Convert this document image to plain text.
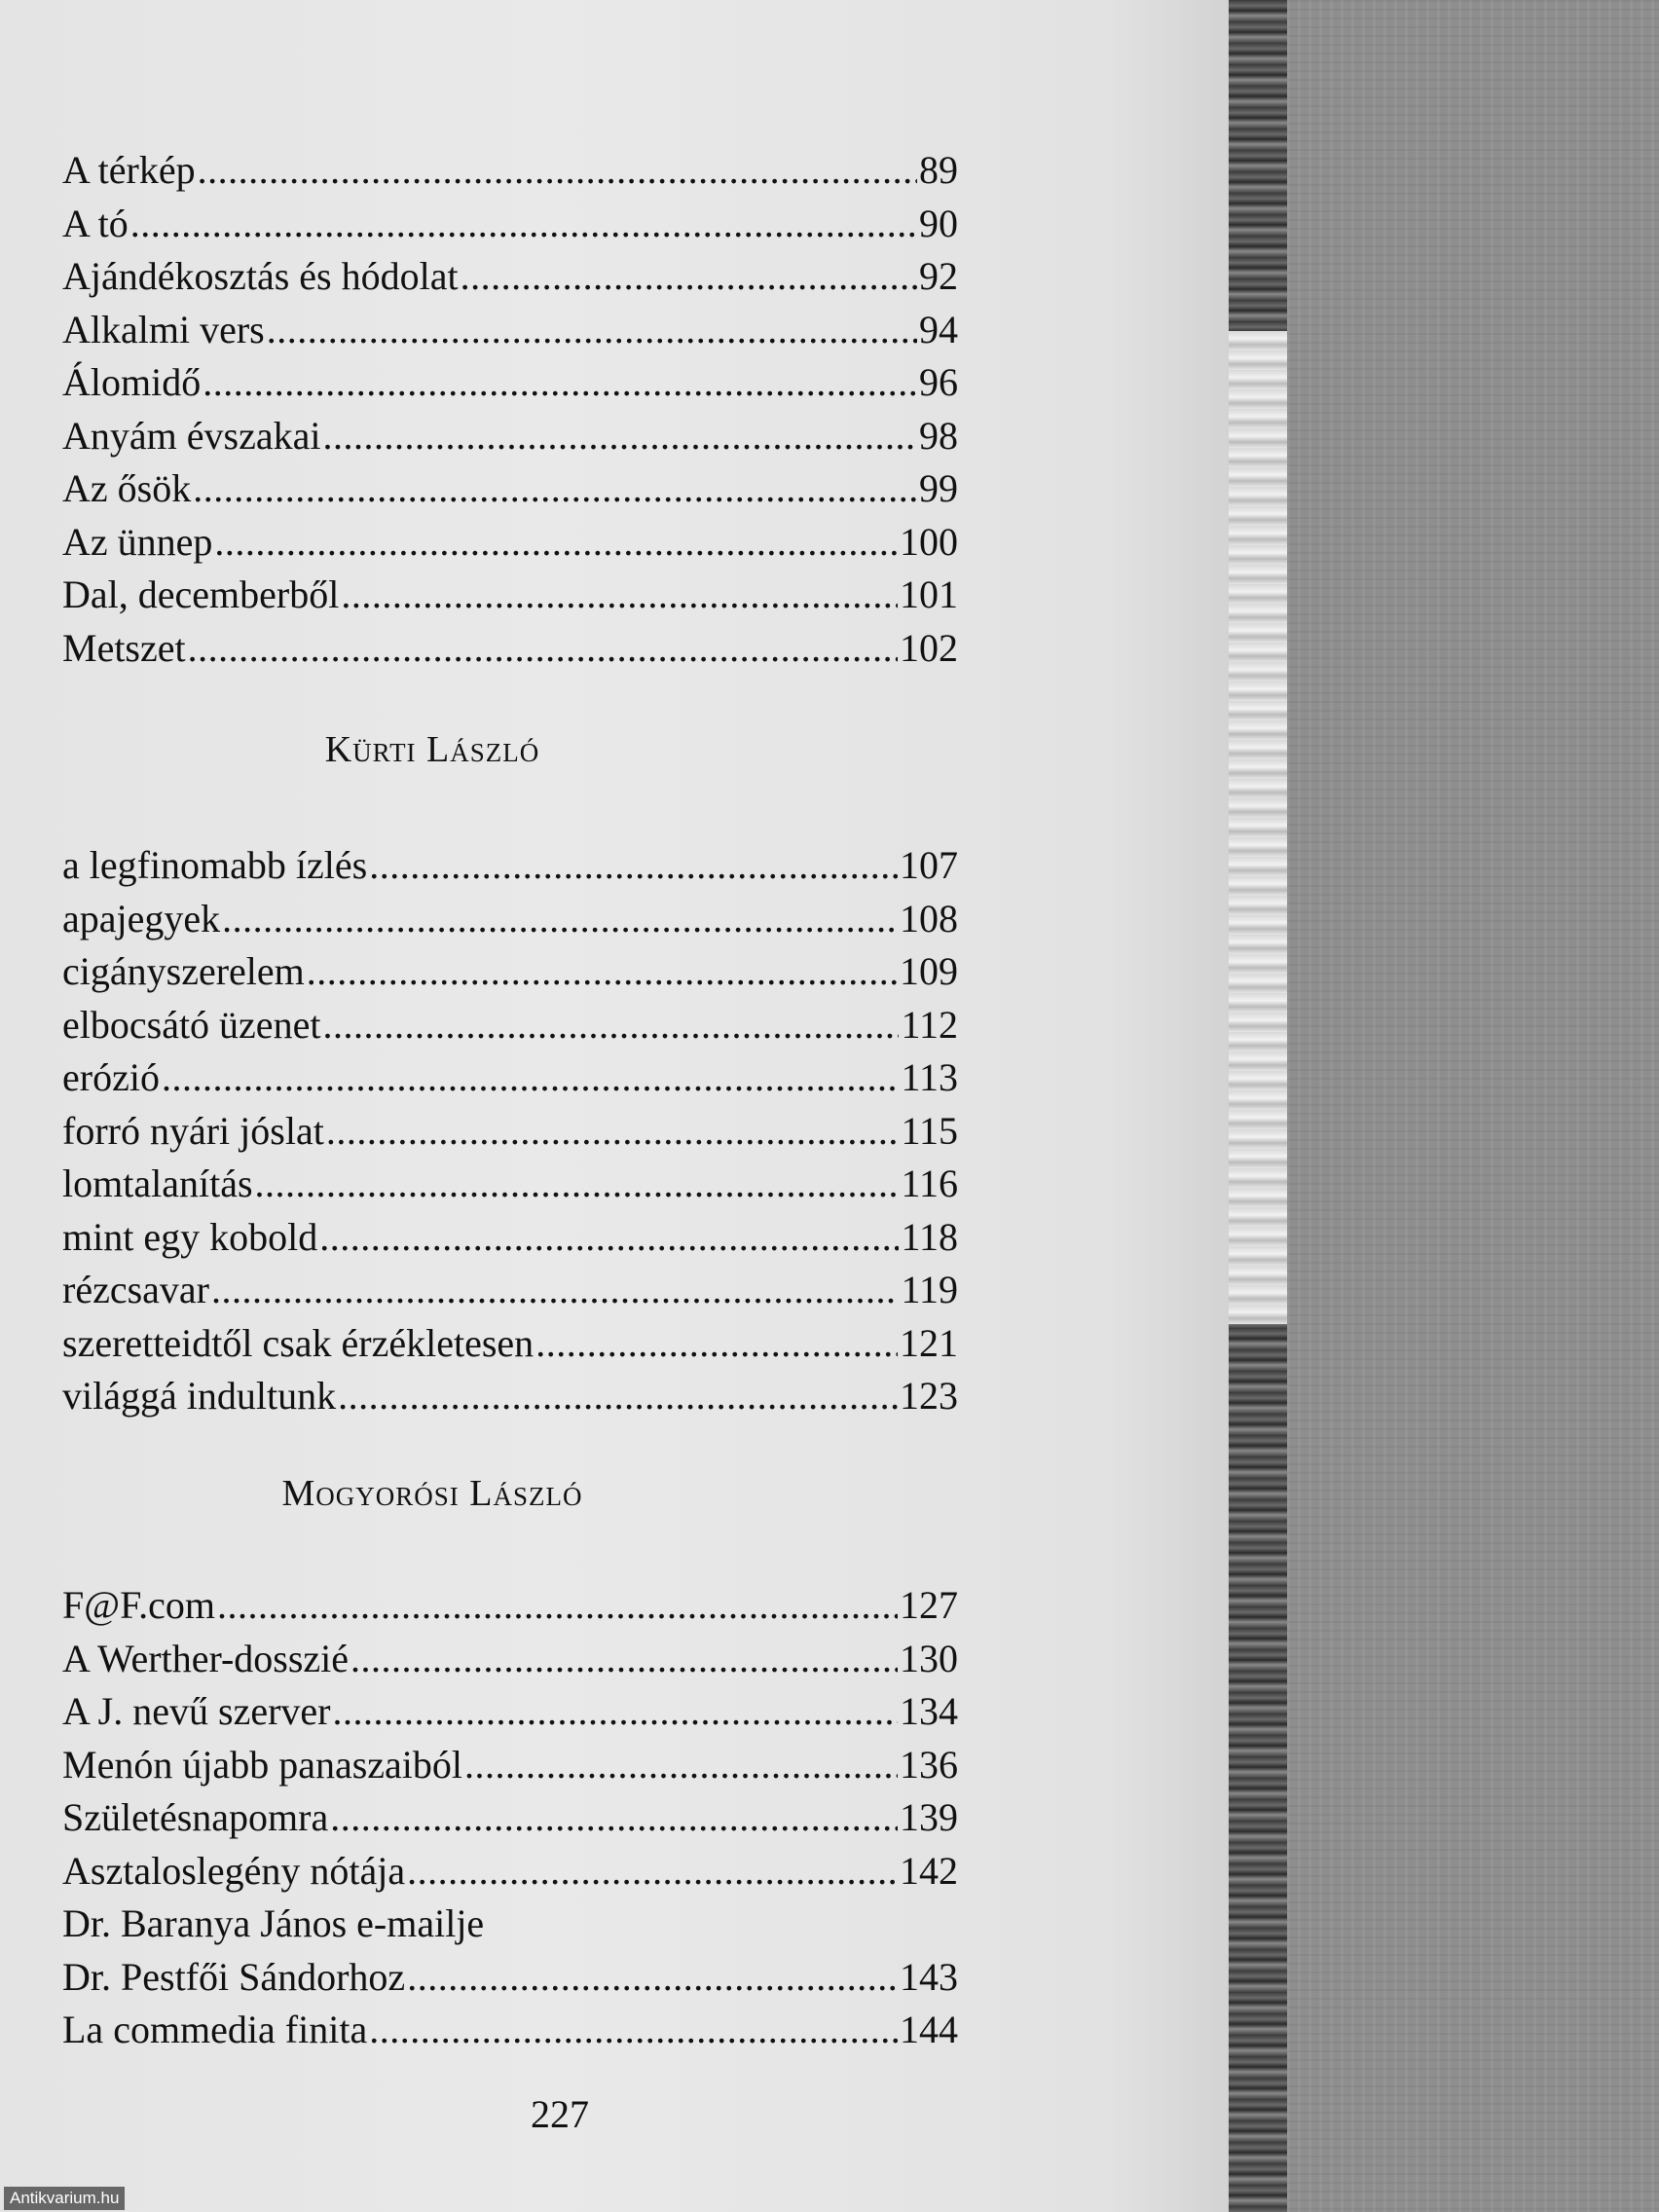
A térkép .....	89
A tó .....	90
Ajándékosztás és hódolat .....	92
Alkalmi vers .....	94
Álomidő .....	96
Anyám évszakai .....	98
Az ősök .....	99
Az ünnep .....	100
Dal, decemberből .....	101
Metszet .....	102
Kürti László
a legfinomabb ízlés .....	107
apajegyek .....	108
cigányszerelem .....	109
elbocsátó üzenet .....	112
erózió .....	113
forró nyári jóslat .....	115
lomtalanítás .....	116
mint egy kobold .....	118
rézcsavar .....	119
szeretteidtől csak érzékletesen .....	121
világgá indultunk .....	123
Mogyorósi László
F@F.com .....	127
A Werther-dosszié .....	130
A J. nevű szerver .....	134
Menón újabb panaszaiból .....	136
Születésnapomra .....	139
Asztaloslegény nótája .....	142
Dr. Baranya János e-mailje
Dr. Pestfői Sándorhoz .....	143
La commedia finita .....	144
227
Antikvarium.hu
